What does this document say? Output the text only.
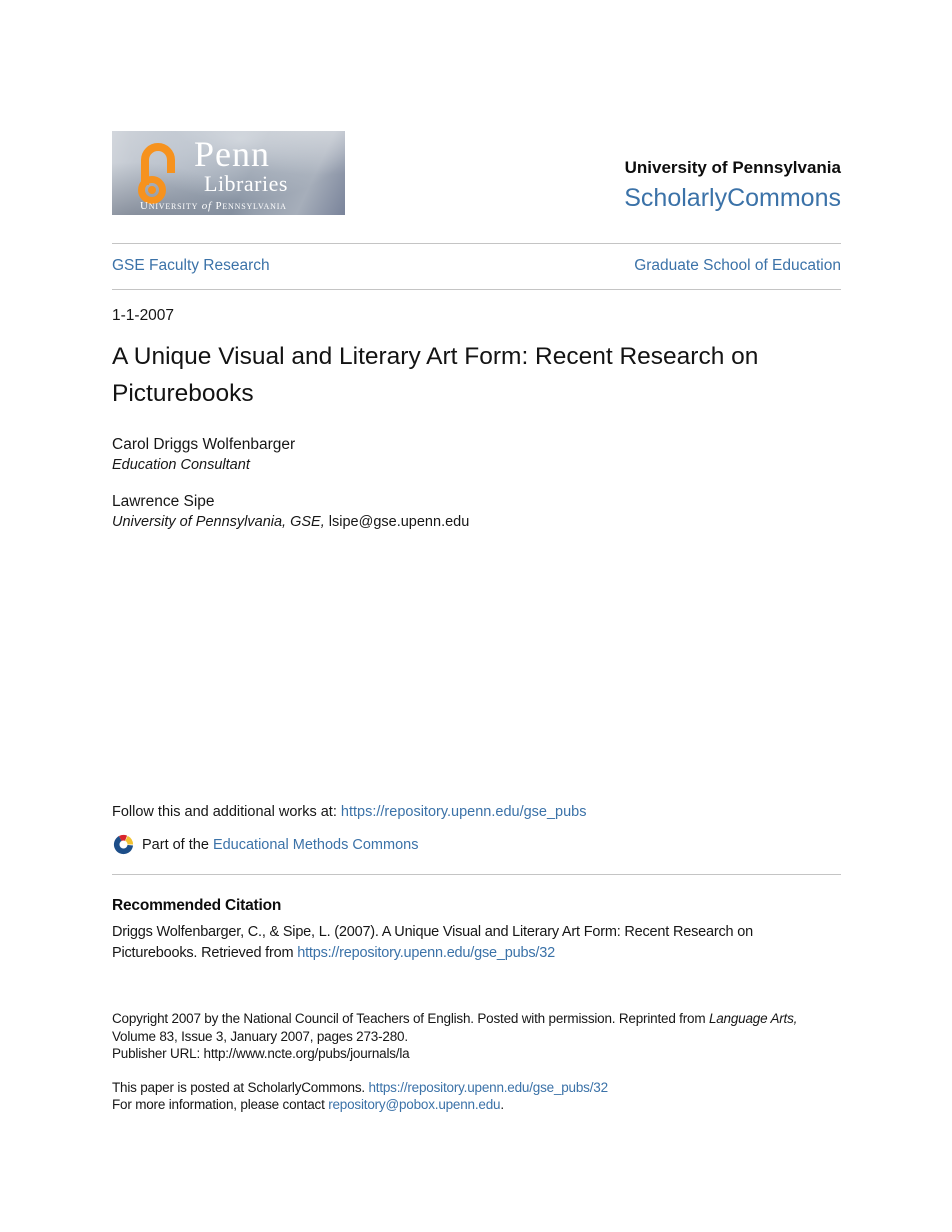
Penn
Libraries
University of Pennsylvania
University of Pennsylvania
ScholarlyCommons
GSE Faculty Research	Graduate School of Education
1-1-2007
A Unique Visual and Literary Art Form: Recent Research on Picturebooks
Carol Driggs Wolfenbarger
Education Consultant
Lawrence Sipe
University of Pennsylvania, GSE, lsipe@gse.upenn.edu
Follow this and additional works at: https://repository.upenn.edu/gse_pubs
Part of the
Educational Methods Commons
Recommended Citation
Driggs Wolfenbarger, C., & Sipe, L. (2007). A Unique Visual and Literary Art Form: Recent Research on Picturebooks. Retrieved from https://repository.upenn.edu/gse_pubs/32
Copyright 2007 by the National Council of Teachers of English. Posted with permission. Reprinted from Language Arts, Volume 83, Issue 3, January 2007, pages 273-280.
Publisher URL: http://www.ncte.org/pubs/journals/la
This paper is posted at ScholarlyCommons. https://repository.upenn.edu/gse_pubs/32
For more information, please contact repository@pobox.upenn.edu.
